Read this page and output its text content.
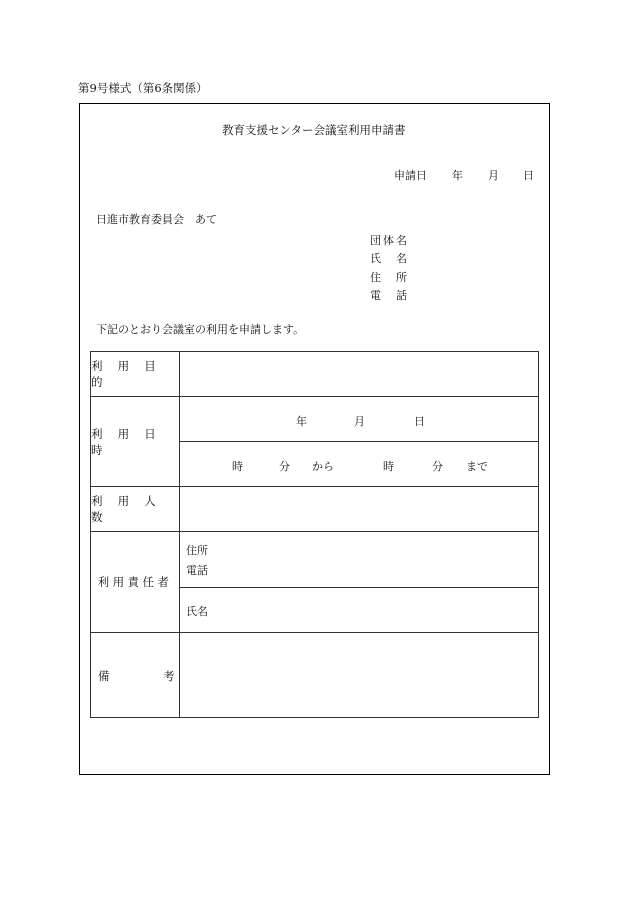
第9号様式（第6条関係）
教育支援センター会議室利用申請書
申請日 年 月 日
日進市教育委員会　あて
団 体 名
氏 名
住 所
電 話
下記のとおり会議室の利用を申請します。
利 用 目 的
利 用 日 時
年	月	日
時	分 から	時	分 まで
利 用 人 数
利用責任者
住所
電話
氏名
備	考
